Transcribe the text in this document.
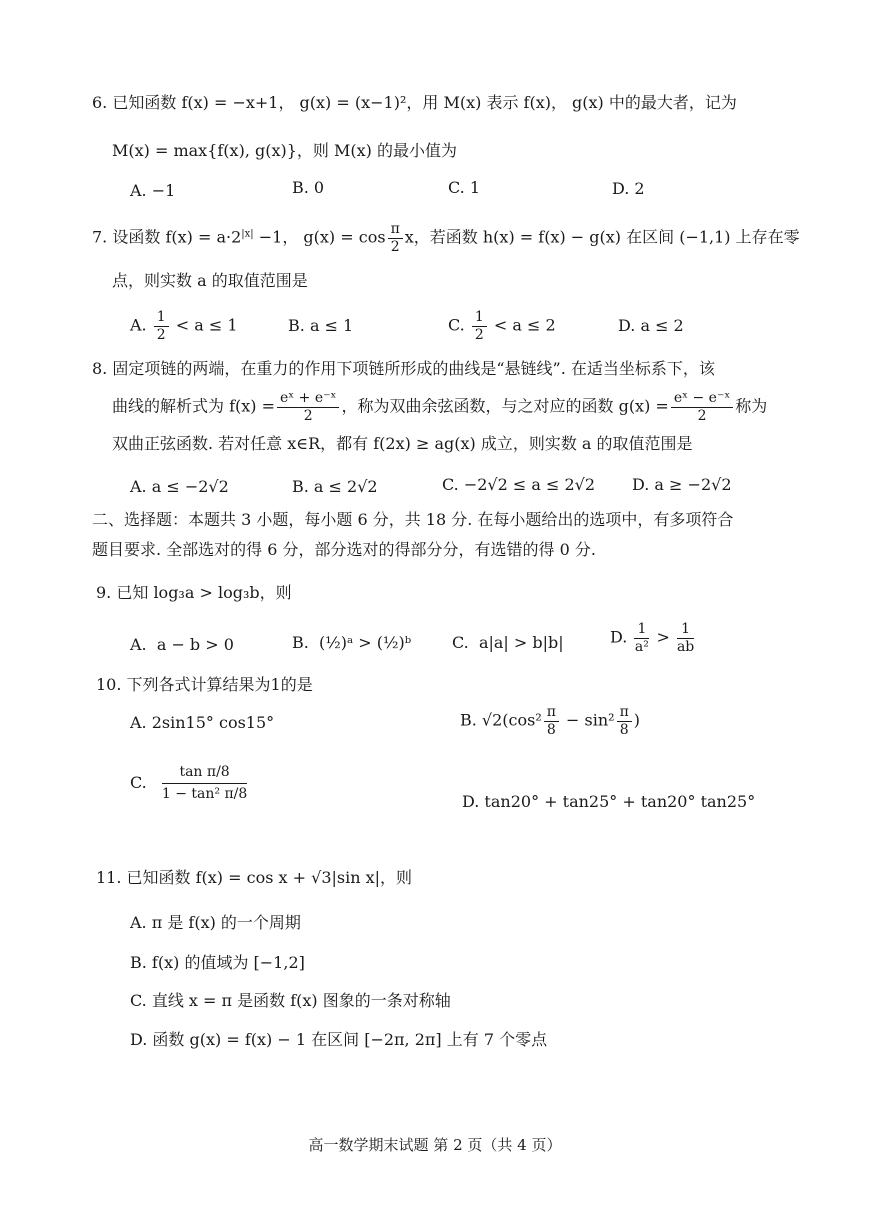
6. 已知函数 f(x) = −x+1， g(x) = (x−1)²，用 M(x) 表示 f(x)， g(x) 中的最大者，记为
M(x) = max{f(x), g(x)}，则 M(x) 的最小值为
A. −1	B. 0	C. 1	D. 2
7. 设函数 $f(x) = a\cdot 2^{|x|} -1$， $g(x) = \cos \frac{\pi}{2}$ x，若函数 h(x) = f(x) − g(x) 在区间 (−1,1) 上存在零
点，则实数 a 的取值范围是
A. $\frac{1}{2} < a \le 1$	B. a ≤ 1	C. $\frac{1}{2} < a \le 2$	D. a ≤ 2
8. 固定项链的两端，在重力的作用下项链所形成的曲线是“悬链线”. 在适当坐标系下，该
曲线的解析式为 $f(x) = \frac{\text{eˣ + e⁻ˣ}}{2}$ ，称为双曲余弦函数，与之对应的函数 $g(x) = \frac{\text{eˣ − e⁻ˣ}}{2}$ 称为
双曲正弦函数. 若对任意 x∈R，都有 f(2x) ≥ ag(x) 成立，则实数 a 的取值范围是
A. a ≤ −2√2	B. a ≤ 2√2	C. −2√2 ≤ a ≤ 2√2 D. a ≥ −2√2
二、选择题：本题共 3 小题，每小题 6 分，共 18 分. 在每小题给出的选项中，有多项符合
题目要求. 全部选对的得 6 分，部分选对的得部分分，有选错的得 0 分.
9. 已知 log₃a > log₃b，则
A. a − b > 0	B. (½)ᵃ > (½)ᵇ	C. a|a| > b|b|	D. $\frac{1}{\text{a²}} > \frac{1}{ab}$
10. 下列各式计算结果为1的是
A. 2sin15° cos15°	B. $√2(\cos^2 \frac{\pi}{8} - \sin^2 \frac{\pi}{8}$ )
C. $\frac{\text{tan π/8}}{\text{1 − tan² π/8}}$
D. tan20° + tan25° + tan20° tan25°
11. 已知函数 f(x) = cos x + √3|sin x|，则
A. π 是 f(x) 的一个周期
B. f(x) 的值域为 [−1,2]
C. 直线 x = π 是函数 f(x) 图象的一条对称轴
D. 函数 g(x) = f(x) − 1 在区间 [−2π, 2π] 上有 7 个零点
高一数学期末试题 第 2 页（共 4 页）
